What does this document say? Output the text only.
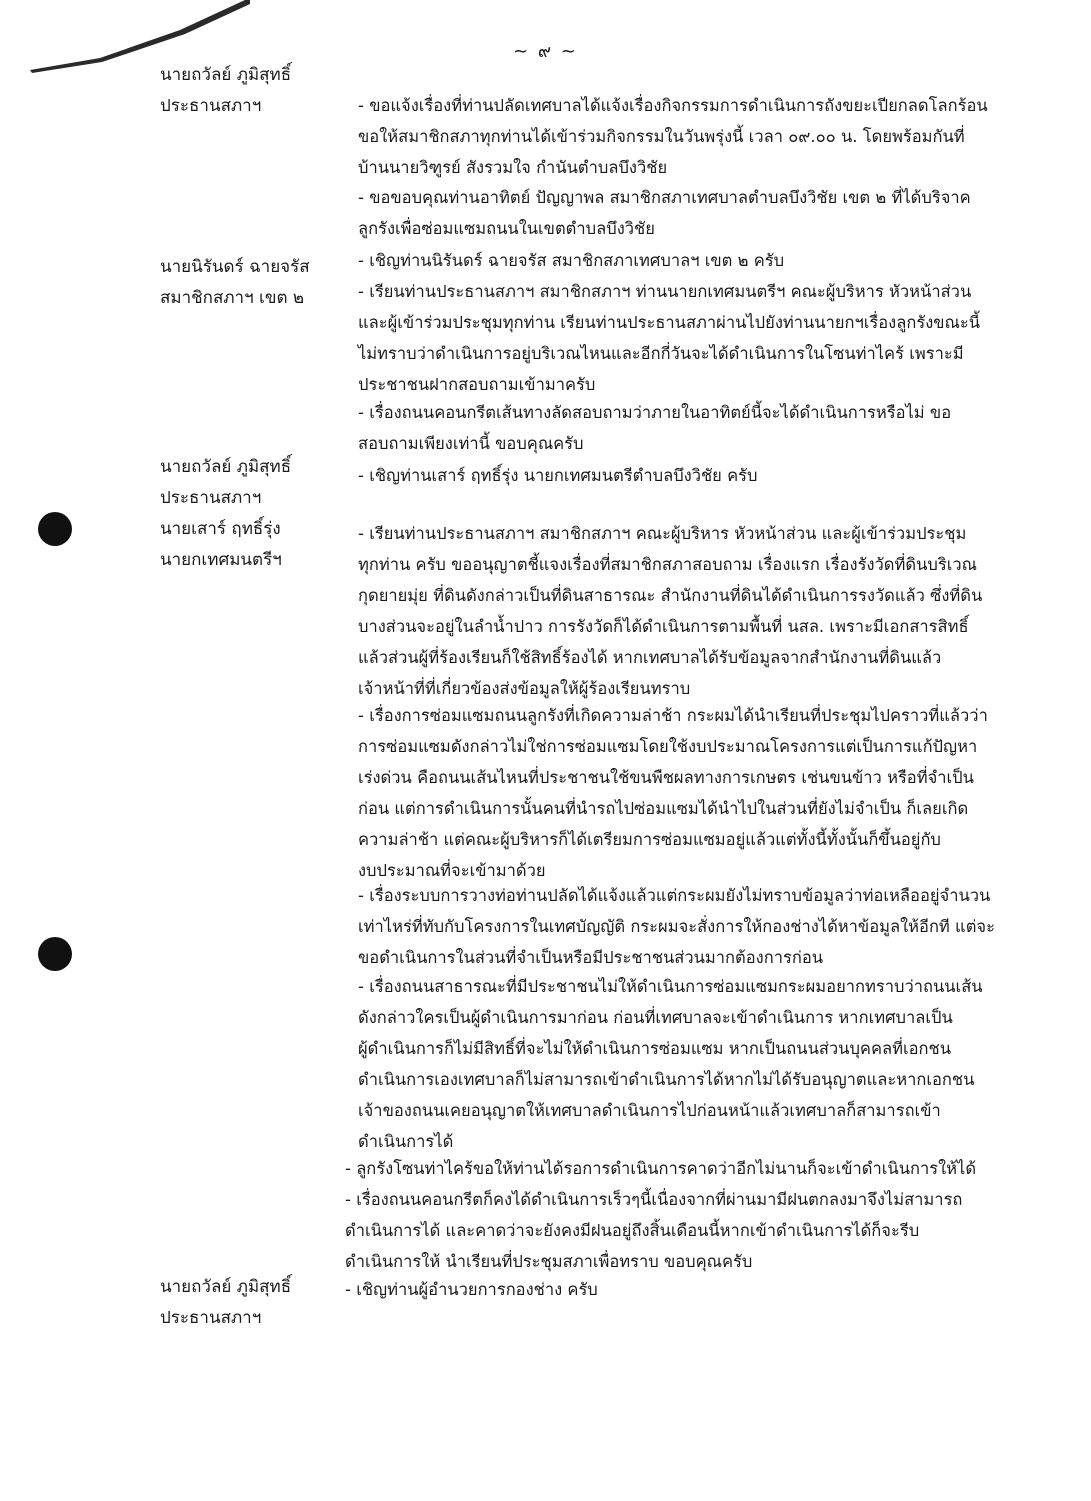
~ ๙ ~
นายถวัลย์ ภูมิสุทธิ์
ประธานสภาฯ
นายนิรันดร์ ฉายจรัส
สมาชิกสภาฯ เขต ๒
นายถวัลย์ ภูมิสุทธิ์
ประธานสภาฯ
นายเสาร์ ฤทธิ์รุ่ง
นายกเทศมนตรีฯ
นายถวัลย์ ภูมิสุทธิ์
ประธานสภาฯ
- ขอแจ้งเรื่องที่ท่านปลัดเทศบาลได้แจ้งเรื่องกิจกรรมการดำเนินการถังขยะเปียกลดโลกร้อน
ขอให้สมาชิกสภาทุกท่านได้เข้าร่วมกิจกรรมในวันพรุ่งนี้ เวลา ๐๙.๐๐ น. โดยพร้อมกันที่
บ้านนายวิฑูรย์ สังรวมใจ กำนันตำบลบึงวิชัย
- ขอขอบคุณท่านอาทิตย์ ปัญญาพล สมาชิกสภาเทศบาลตำบลบึงวิชัย เขต ๒ ที่ได้บริจาค
ลูกรังเพื่อซ่อมแซมถนนในเขตตำบลบึงวิชัย
- เชิญท่านนิรันดร์ ฉายจรัส สมาชิกสภาเทศบาลฯ เขต ๒ ครับ
- เรียนท่านประธานสภาฯ สมาชิกสภาฯ ท่านนายกเทศมนตรีฯ คณะผู้บริหาร หัวหน้าส่วน
และผู้เข้าร่วมประชุมทุกท่าน เรียนท่านประธานสภาผ่านไปยังท่านนายกฯเรื่องลูกรังขณะนี้
ไม่ทราบว่าดำเนินการอยู่บริเวณไหนและอีกกี่วันจะได้ดำเนินการในโซนท่าไคร้ เพราะมี
ประชาชนฝากสอบถามเข้ามาครับ
- เรื่องถนนคอนกรีตเส้นทางลัดสอบถามว่าภายในอาทิตย์นี้จะได้ดำเนินการหรือไม่ ขอ
สอบถามเพียงเท่านี้ ขอบคุณครับ
- เชิญท่านเสาร์ ฤทธิ์รุ่ง นายกเทศมนตรีตำบลบึงวิชัย ครับ
- เรียนท่านประธานสภาฯ สมาชิกสภาฯ คณะผู้บริหาร หัวหน้าส่วน และผู้เข้าร่วมประชุม
ทุกท่าน ครับ ขออนุญาตชี้แจงเรื่องที่สมาชิกสภาสอบถาม เรื่องแรก เรื่องรังวัดที่ดินบริเวณ
กุดยายมุ่ย ที่ดินดังกล่าวเป็นที่ดินสาธารณะ สำนักงานที่ดินได้ดำเนินการรงวัดแล้ว ซึ่งที่ดิน
บางส่วนจะอยู่ในลำน้ำปาว การรังวัดก็ได้ดำเนินการตามพื้นที่ นสล. เพราะมีเอกสารสิทธิ์
แล้วส่วนผู้ที่ร้องเรียนก็ใช้สิทธิ์ร้องได้ หากเทศบาลได้รับข้อมูลจากสำนักงานที่ดินแล้ว
เจ้าหน้าที่ที่เกี่ยวข้องส่งข้อมูลให้ผู้ร้องเรียนทราบ
- เรื่องการซ่อมแซมถนนลูกรังที่เกิดความล่าช้า กระผมได้นำเรียนที่ประชุมไปคราวที่แล้วว่า
การซ่อมแซมดังกล่าวไม่ใช่การซ่อมแซมโดยใช้งบประมาณโครงการแต่เป็นการแก้ปัญหา
เร่งด่วน คือถนนเส้นไหนที่ประชาชนใช้ขนพืชผลทางการเกษตร เช่นขนข้าว หรือที่จำเป็น
ก่อน แต่การดำเนินการนั้นคนที่นำรถไปซ่อมแซมได้นำไปในส่วนที่ยังไม่จำเป็น ก็เลยเกิด
ความล่าช้า แต่คณะผู้บริหารก็ได้เตรียมการซ่อมแซมอยู่แล้วแต่ทั้งนี้ทั้งนั้นก็ขึ้นอยู่กับ
งบประมาณที่จะเข้ามาด้วย
- เรื่องระบบการวางท่อท่านปลัดได้แจ้งแล้วแต่กระผมยังไม่ทราบข้อมูลว่าท่อเหลืออยู่จำนวน
เท่าไหร่ที่ทับกับโครงการในเทศบัญญัติ กระผมจะสั่งการให้กองช่างได้หาข้อมูลให้อีกที แต่จะ
ขอดำเนินการในส่วนที่จำเป็นหรือมีประชาชนส่วนมากต้องการก่อน
- เรื่องถนนสาธารณะที่มีประชาชนไม่ให้ดำเนินการซ่อมแซมกระผมอยากทราบว่าถนนเส้น
ดังกล่าวใครเป็นผู้ดำเนินการมาก่อน ก่อนที่เทศบาลจะเข้าดำเนินการ หากเทศบาลเป็น
ผู้ดำเนินการก็ไม่มีสิทธิ์ที่จะไม่ให้ดำเนินการซ่อมแซม หากเป็นถนนส่วนบุคคลที่เอกชน
ดำเนินการเองเทศบาลก็ไม่สามารถเข้าดำเนินการได้หากไม่ได้รับอนุญาตและหากเอกชน
เจ้าของถนนเคยอนุญาตให้เทศบาลดำเนินการไปก่อนหน้าแล้วเทศบาลก็สามารถเข้า
ดำเนินการได้
- ลูกรังโซนท่าไคร้ขอให้ท่านได้รอการดำเนินการคาดว่าอีกไม่นานก็จะเข้าดำเนินการให้ได้
- เรื่องถนนคอนกรีตก็คงได้ดำเนินการเร็วๆนี้เนื่องจากที่ผ่านมามีฝนตกลงมาจึงไม่สามารถ
ดำเนินการได้ และคาดว่าจะยังคงมีฝนอยู่ถึงสิ้นเดือนนี้หากเข้าดำเนินการได้ก็จะรีบ
ดำเนินการให้ นำเรียนที่ประชุมสภาเพื่อทราบ ขอบคุณครับ
- เชิญท่านผู้อำนวยการกองช่าง ครับ
